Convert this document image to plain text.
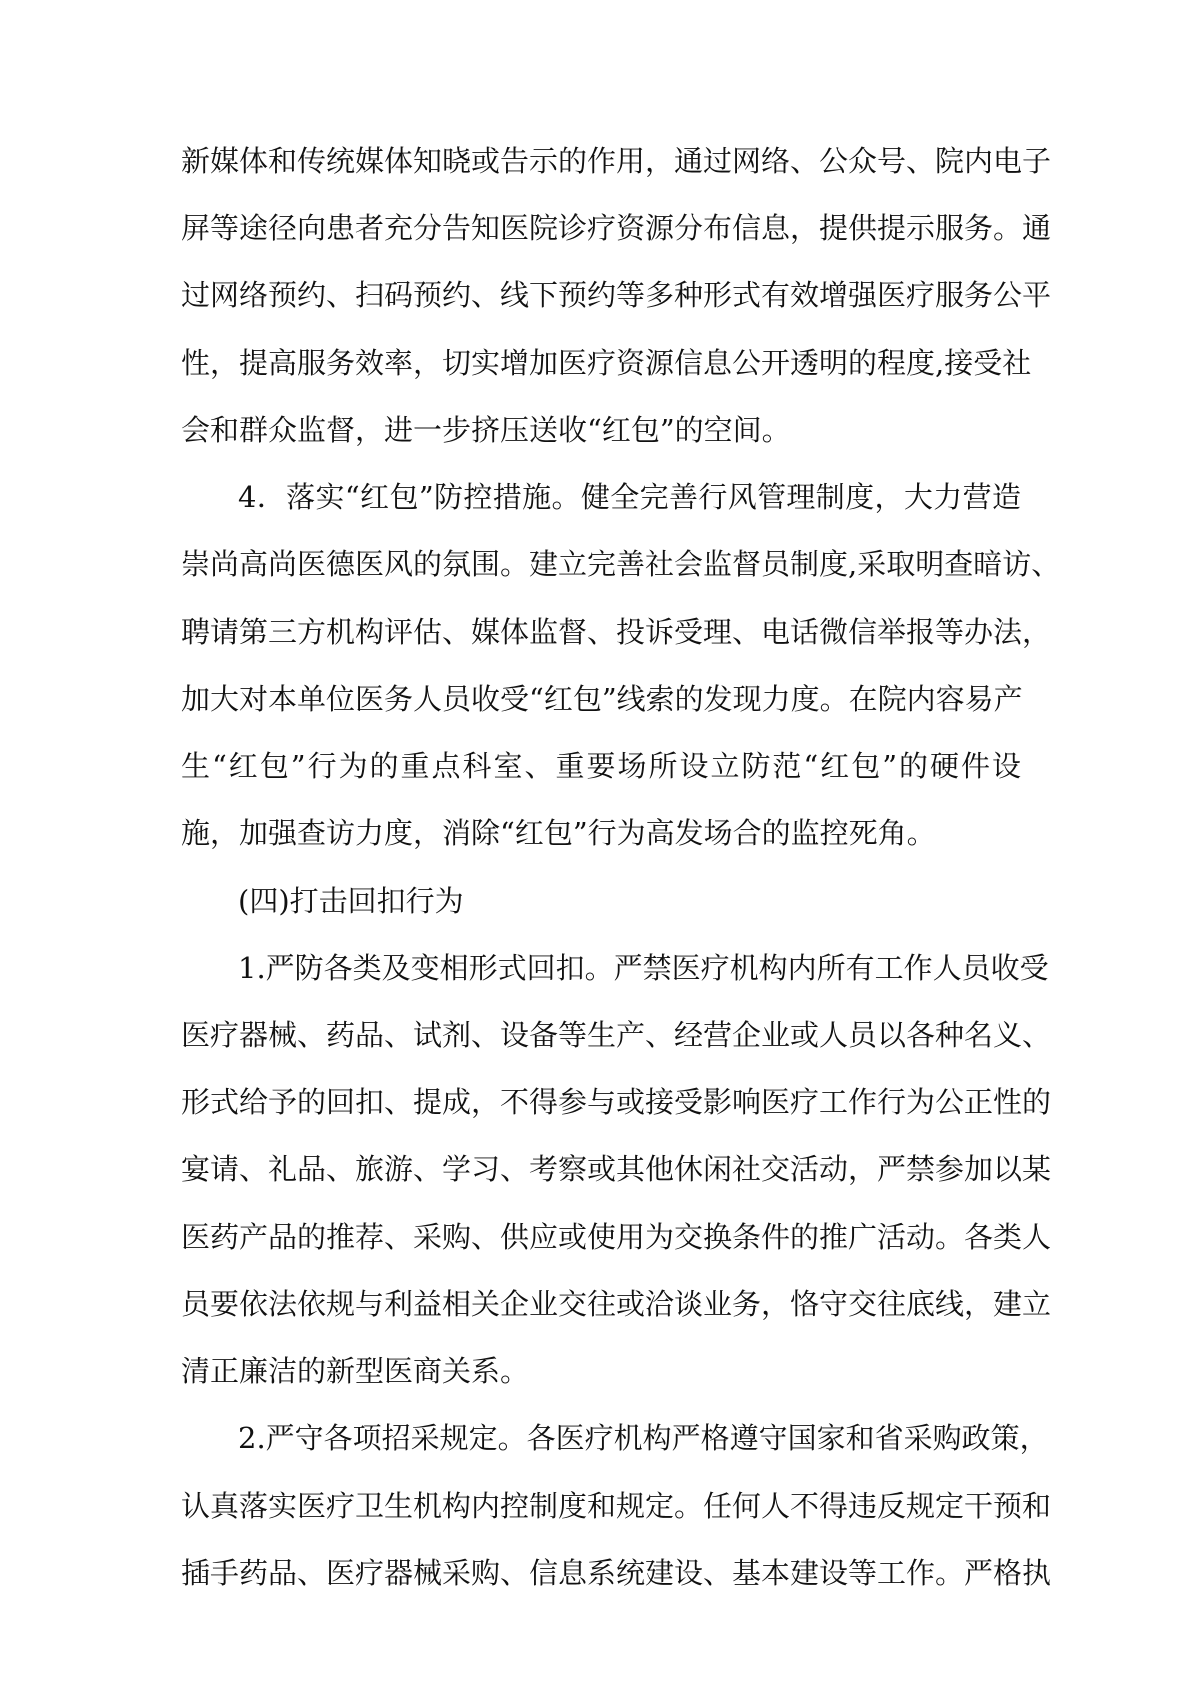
新媒体和传统媒体知晓或告示的作用，通过网络、公众号、院内电子
屏等途径向患者充分告知医院诊疗资源分布信息，提供提示服务。通
过网络预约、扫码预约、线下预约等多种形式有效增强医疗服务公平
性，提高服务效率，切实增加医疗资源信息公开透明的程度,接受社
会和群众监督，进一步挤压送收“红包”的空间。
4．落实“红包”防控措施。健全完善行风管理制度，大力营造
崇尚高尚医德医风的氛围。建立完善社会监督员制度,采取明查暗访、
聘请第三方机构评估、媒体监督、投诉受理、电话微信举报等办法，
加大对本单位医务人员收受“红包”线索的发现力度。在院内容易产
生“红包”行为的重点科室、重要场所设立防范“红包”的硬件设
施，加强查访力度，消除“红包”行为高发场合的监控死角。
(四)打击回扣行为
1.严防各类及变相形式回扣。严禁医疗机构内所有工作人员收受
医疗器械、药品、试剂、设备等生产、经营企业或人员以各种名义、
形式给予的回扣、提成，不得参与或接受影响医疗工作行为公正性的
宴请、礼品、旅游、学习、考察或其他休闲社交活动，严禁参加以某
医药产品的推荐、采购、供应或使用为交换条件的推广活动。各类人
员要依法依规与利益相关企业交往或洽谈业务，恪守交往底线，建立
清正廉洁的新型医商关系。
2.严守各项招采规定。各医疗机构严格遵守国家和省采购政策，
认真落实医疗卫生机构内控制度和规定。任何人不得违反规定干预和
插手药品、医疗器械采购、信息系统建设、基本建设等工作。严格执
